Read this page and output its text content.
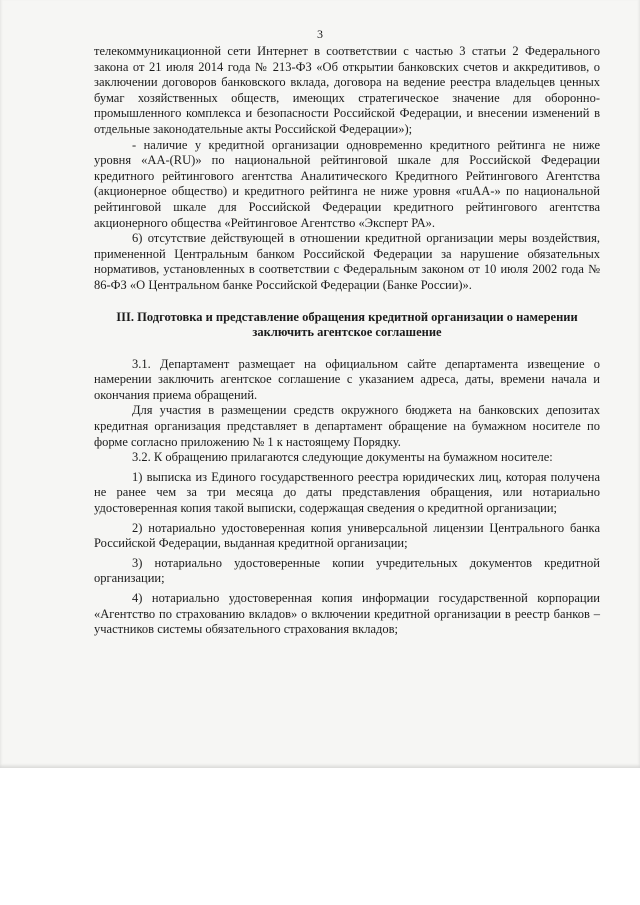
3

телекоммуникационной сети Интернет в соответствии с частью 3 статьи 2 Федерального закона от 21 июля 2014 года № 213-ФЗ «Об открытии банковских счетов и аккредитивов, о заключении договоров банковского вклада, договора на ведение реестра владельцев ценных бумаг хозяйственных обществ, имеющих стратегическое значение для оборонно-промышленного комплекса и безопасности Российской Федерации, и внесении изменений в отдельные законодательные акты Российской Федерации»);

- наличие у кредитной организации одновременно кредитного рейтинга не ниже уровня «AA-(RU)» по национальной рейтинговой шкале для Российской Федерации кредитного рейтингового агентства Аналитического Кредитного Рейтингового Агентства (акционерное общество) и кредитного рейтинга не ниже уровня «ruAA-» по национальной рейтинговой шкале для Российской Федерации кредитного рейтингового агентства акционерного общества «Рейтинговое Агентство «Эксперт РА».

6) отсутствие действующей в отношении кредитной организации меры воздействия, примененной Центральным банком Российской Федерации за нарушение обязательных нормативов, установленных в соответствии с Федеральным законом от 10 июля 2002 года № 86-ФЗ «О Центральном банке Российской Федерации (Банке России)».

III. Подготовка и представление обращения кредитной организации о намерении заключить агентское соглашение

3.1. Департамент размещает на официальном сайте департамента извещение о намерении заключить агентское соглашение с указанием адреса, даты, времени начала и окончания приема обращений.

Для участия в размещении средств окружного бюджета на банковских депозитах кредитная организация представляет в департамент обращение на бумажном носителе по форме согласно приложению № 1 к настоящему Порядку.

3.2. К обращению прилагаются следующие документы на бумажном носителе:

1) выписка из Единого государственного реестра юридических лиц, которая получена не ранее чем за три месяца до даты представления обращения, или нотариально удостоверенная копия такой выписки, содержащая сведения о кредитной организации;

2) нотариально удостоверенная копия универсальной лицензии Центрального банка Российской Федерации, выданная кредитной организации;

3) нотариально удостоверенные копии учредительных документов кредитной организации;

4) нотариально удостоверенная копия информации государственной корпорации «Агентство по страхованию вкладов» о включении кредитной организации в реестр банков – участников системы обязательного страхования вкладов;
